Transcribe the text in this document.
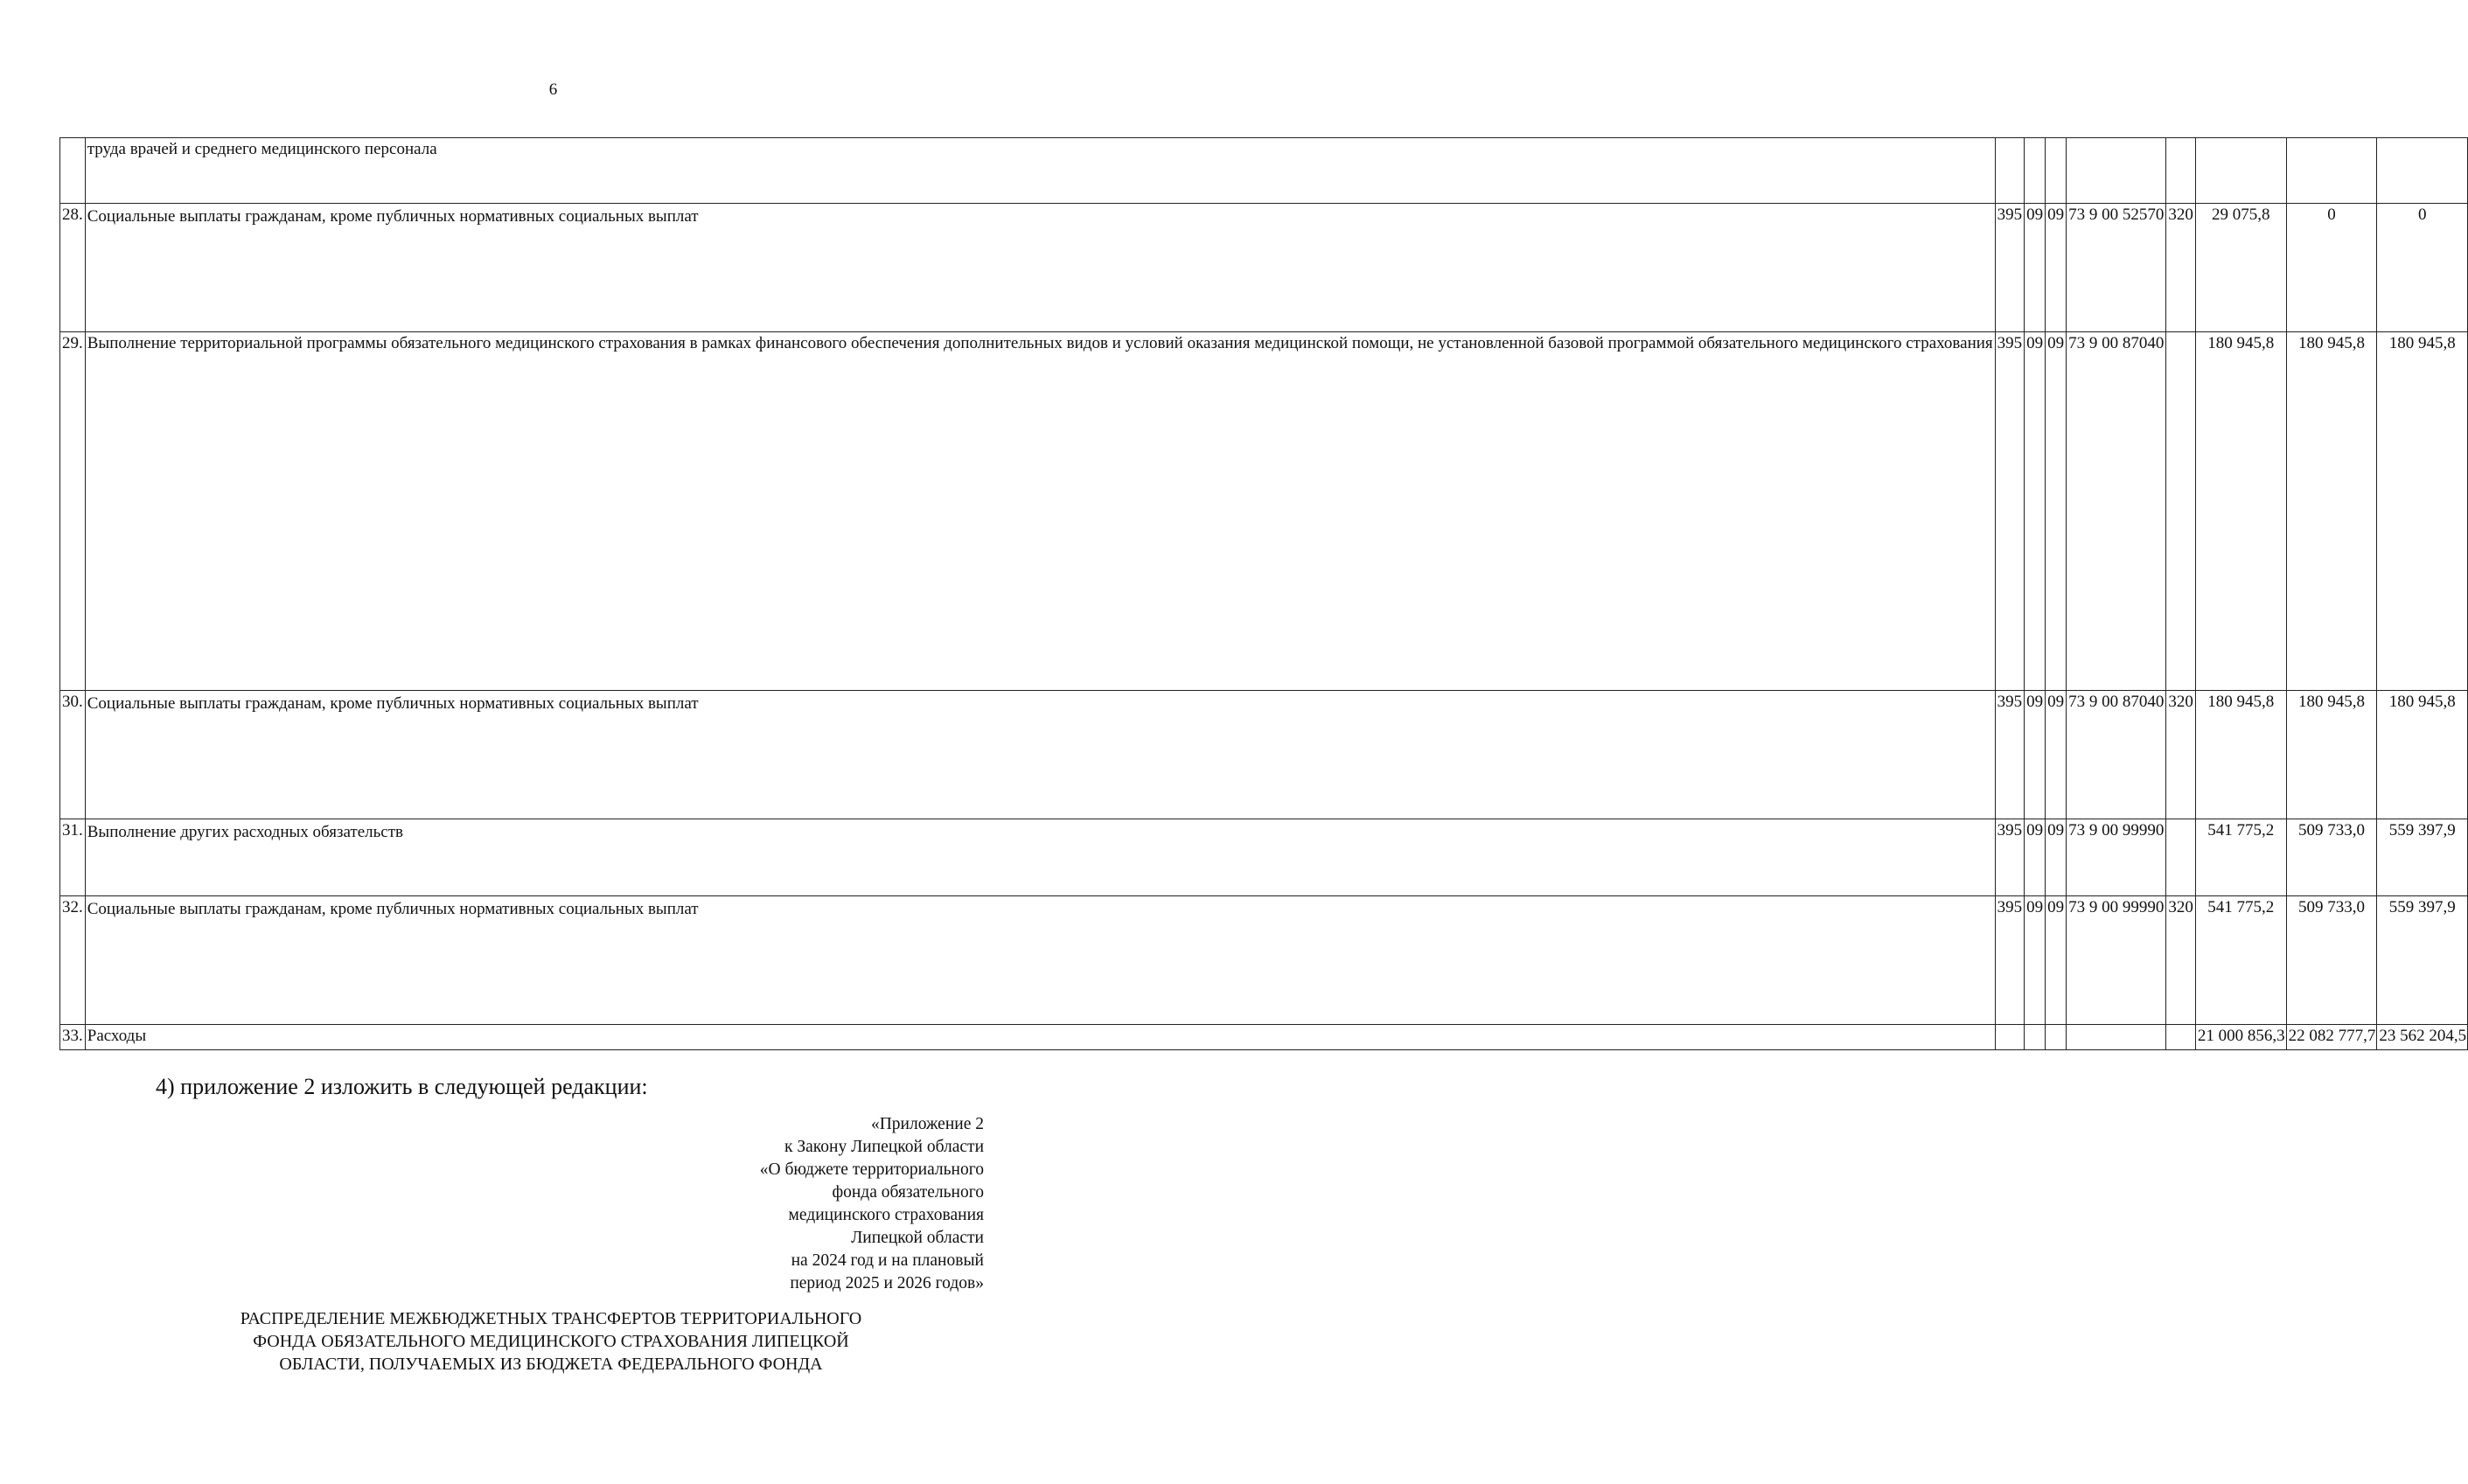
6

	труда врачей и среднего медицинского персонала								

28.	Социальные выплаты гражданам, кроме публичных нормативных социальных выплат	395	09	09	73 9 00 52570	320	29 075,8	0	0
29.	Выполнение территориальной программы обязательного медицинского страхования в рамках финансового обеспечения дополнительных видов и условий оказания медицинской помощи, не установленной базовой программой обязательного медицинского страхования	395	09	09	73 9 00 87040		180 945,8	180 945,8	180 945,8
30.	Социальные выплаты гражданам, кроме публичных нормативных социальных выплат	395	09	09	73 9 00 87040	320	180 945,8	180 945,8	180 945,8
31.	Выполнение других расходных обязательств	395	09	09	73 9 00 99990		541 775,2	509 733,0	559 397,9
32.	Социальные выплаты гражданам, кроме публичных нормативных социальных выплат	395	09	09	73 9 00 99990	320	541 775,2	509 733,0	559 397,9
33.	Расходы						21 000 856,3	22 082 777,7	23 562 204,5
4) приложение 2 изложить в следующей редакции:
«Приложение 2
к Закону Липецкой области
«О бюджете территориального
фонда обязательного
медицинского страхования
Липецкой области
на 2024 год и на плановый
период 2025 и 2026 годов»
РАСПРЕДЕЛЕНИЕ МЕЖБЮДЖЕТНЫХ ТРАНСФЕРТОВ ТЕРРИТОРИАЛЬНОГО
ФОНДА ОБЯЗАТЕЛЬНОГО МЕДИЦИНСКОГО СТРАХОВАНИЯ ЛИПЕЦКОЙ
ОБЛАСТИ, ПОЛУЧАЕМЫХ ИЗ БЮДЖЕТА ФЕДЕРАЛЬНОГО ФОНДА
